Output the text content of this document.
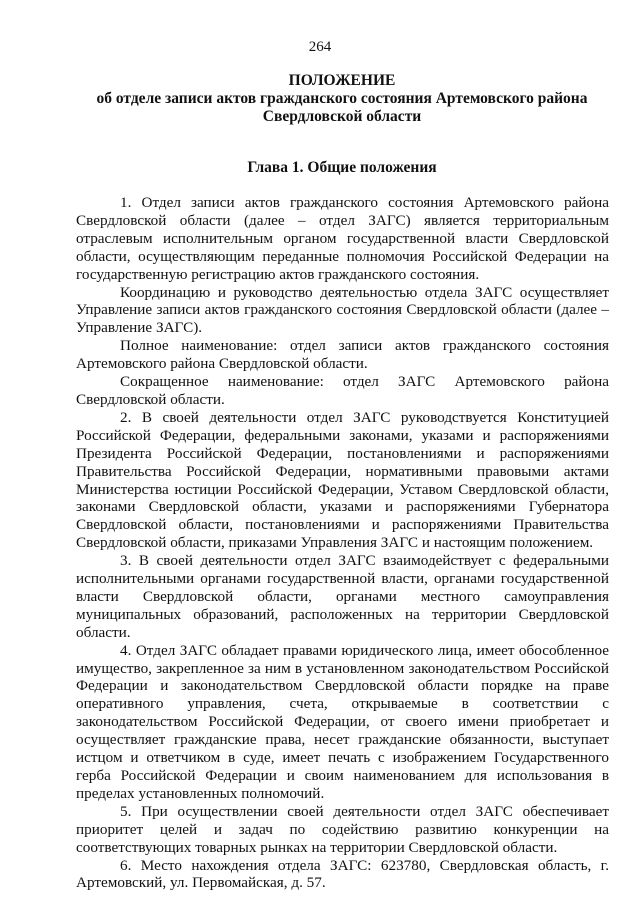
264
ПОЛОЖЕНИЕ
об отделе записи актов гражданского состояния Артемовского района
Свердловской области
Глава 1. Общие положения

1. Отдел записи актов гражданского состояния Артемовского района Свердловской области (далее – отдел ЗАГС) является территориальным отраслевым исполнительным органом государственной власти Свердловской области, осуществляющим переданные полномочия Российской Федерации на государственную регистрацию актов гражданского состояния.

Координацию и руководство деятельностью отдела ЗАГС осуществляет Управление записи актов гражданского состояния Свердловской области (далее – Управление ЗАГС).

Полное наименование: отдел записи актов гражданского состояния Артемовского района Свердловской области.

Сокращенное наименование: отдел ЗАГС Артемовского района Свердловской области.

2. В своей деятельности отдел ЗАГС руководствуется Конституцией Российской Федерации, федеральными законами, указами и распоряжениями Президента Российской Федерации, постановлениями и распоряжениями Правительства Российской Федерации, нормативными правовыми актами Министерства юстиции Российской Федерации, Уставом Свердловской области, законами Свердловской области, указами и распоряжениями Губернатора Свердловской области, постановлениями и распоряжениями Правительства Свердловской области, приказами Управления ЗАГС и настоящим положением.

3. В своей деятельности отдел ЗАГС взаимодействует с федеральными исполнительными органами государственной власти, органами государственной власти Свердловской области, органами местного самоуправления муниципальных образований, расположенных на территории Свердловской области.

4. Отдел ЗАГС обладает правами юридического лица, имеет обособленное имущество, закрепленное за ним в установленном законодательством Российской Федерации и законодательством Свердловской области порядке на праве оперативного управления, счета, открываемые в соответствии с законодательством Российской Федерации, от своего имени приобретает и осуществляет гражданские права, несет гражданские обязанности, выступает истцом и ответчиком в суде, имеет печать с изображением Государственного герба Российской Федерации и своим наименованием для использования в пределах установленных полномочий.

5. При осуществлении своей деятельности отдел ЗАГС обеспечивает приоритет целей и задач по содействию развитию конкуренции на соответствующих товарных рынках на территории Свердловской области.

6. Место нахождения отдела ЗАГС: 623780, Свердловская область, г. Артемовский, ул. Первомайская, д. 57.
